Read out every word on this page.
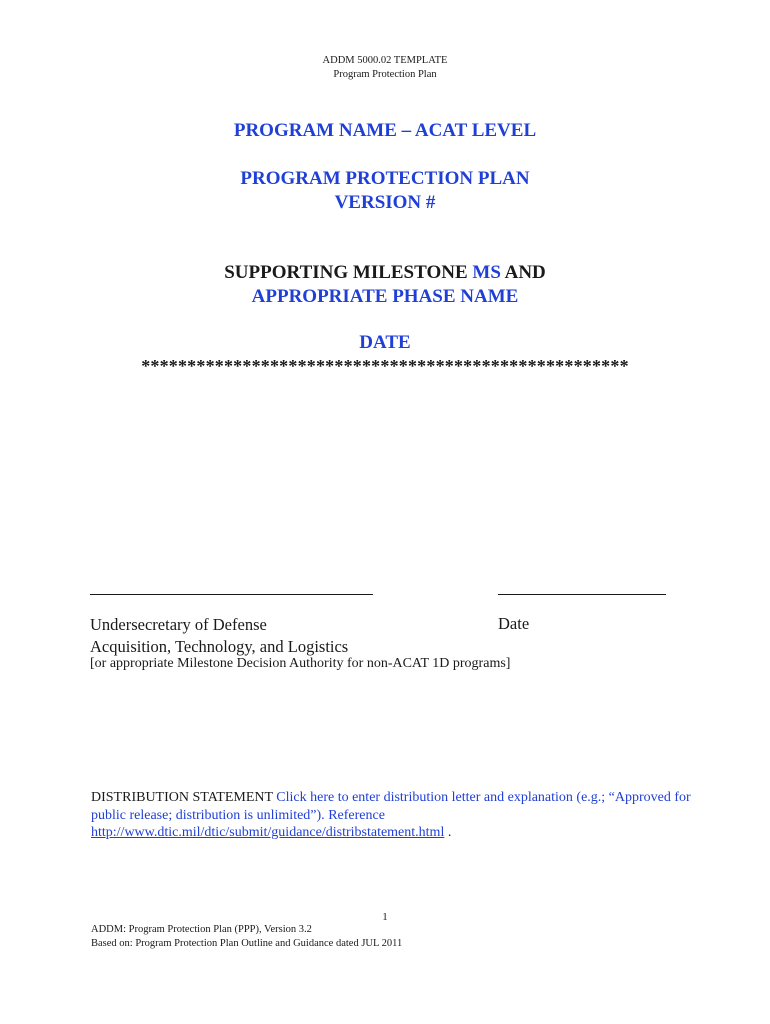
ADDM 5000.02 TEMPLATE
Program Protection Plan
PROGRAM NAME – ACAT LEVEL
PROGRAM PROTECTION PLAN
VERSION #
SUPPORTING MILESTONE MS AND
APPROPRIATE PHASE NAME
DATE
*****************************************************
Undersecretary of Defense
Acquisition, Technology, and Logistics
Date
[or appropriate Milestone Decision Authority for non-ACAT 1D programs]
DISTRIBUTION STATEMENT Click here to enter distribution letter and explanation (e.g.; “Approved for public release; distribution is unlimited”). Reference
http://www.dtic.mil/dtic/submit/guidance/distribstatement.html .
1
ADDM: Program Protection Plan (PPP), Version 3.2
Based on: Program Protection Plan Outline and Guidance dated JUL 2011
